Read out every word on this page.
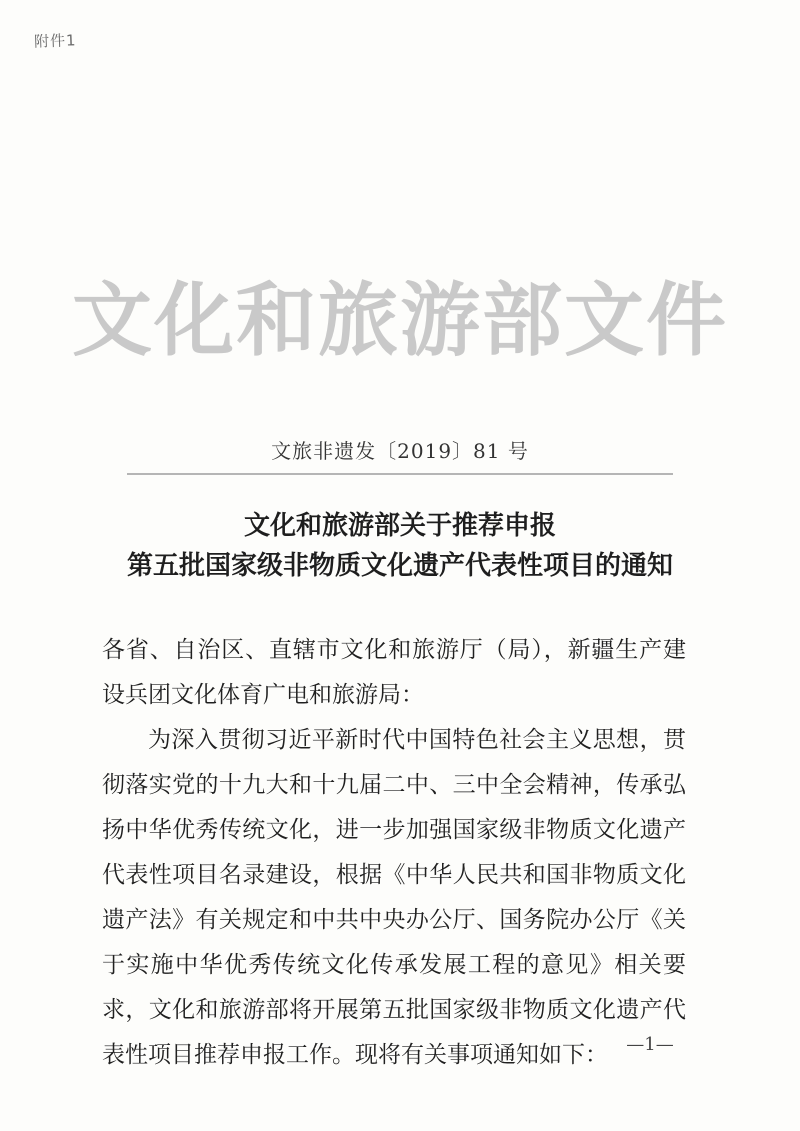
附件1
文化和旅游部文件
文旅非遗发〔2019〕81 号
文化和旅游部关于推荐申报
第五批国家级非物质文化遗产代表性项目的通知

各省、自治区、直辖市文化和旅游厅（局），新疆生产建设兵团文化体育广电和旅游局：

为深入贯彻习近平新时代中国特色社会主义思想，贯彻落实党的十九大和十九届二中、三中全会精神，传承弘扬中华优秀传统文化，进一步加强国家级非物质文化遗产代表性项目名录建设，根据《中华人民共和国非物质文化遗产法》有关规定和中共中央办公厅、国务院办公厅《关于实施中华优秀传统文化传承发展工程的意见》相关要求，文化和旅游部将开展第五批国家级非物质文化遗产代表性项目推荐申报工作。现将有关事项通知如下：	—1—
